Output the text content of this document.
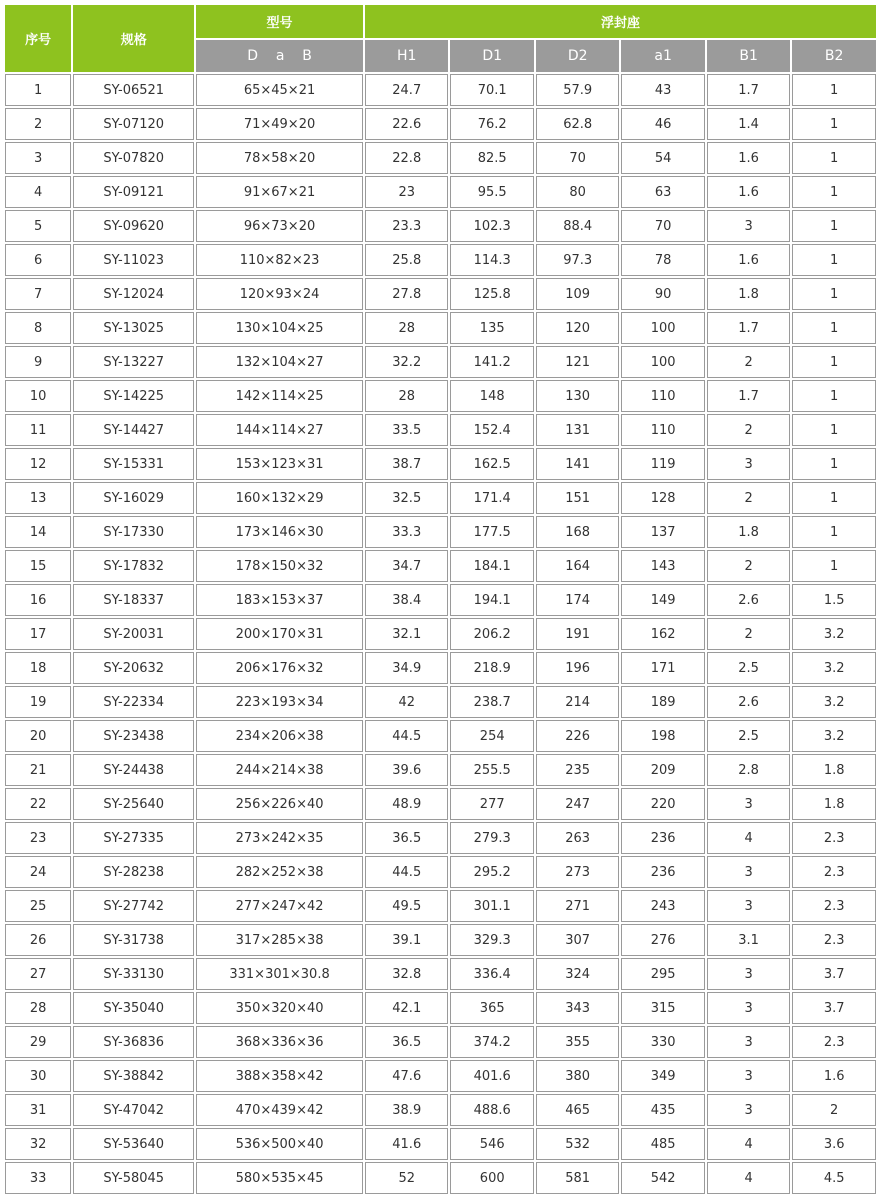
序号	规格	型号	浮封座					
		D    a    B	H1	D1	D2	a1	B1	B2
1	SY-06521	65×45×21	24.7	70.1	57.9	43	1.7	1
2	SY-07120	71×49×20	22.6	76.2	62.8	46	1.4	1
3	SY-07820	78×58×20	22.8	82.5	70	54	1.6	1
4	SY-09121	91×67×21	23	95.5	80	63	1.6	1
5	SY-09620	96×73×20	23.3	102.3	88.4	70	3	1
6	SY-11023	110×82×23	25.8	114.3	97.3	78	1.6	1
7	SY-12024	120×93×24	27.8	125.8	109	90	1.8	1
8	SY-13025	130×104×25	28	135	120	100	1.7	1
9	SY-13227	132×104×27	32.2	141.2	121	100	2	1
10	SY-14225	142×114×25	28	148	130	110	1.7	1
11	SY-14427	144×114×27	33.5	152.4	131	110	2	1
12	SY-15331	153×123×31	38.7	162.5	141	119	3	1
13	SY-16029	160×132×29	32.5	171.4	151	128	2	1
14	SY-17330	173×146×30	33.3	177.5	168	137	1.8	1
15	SY-17832	178×150×32	34.7	184.1	164	143	2	1
16	SY-18337	183×153×37	38.4	194.1	174	149	2.6	1.5
17	SY-20031	200×170×31	32.1	206.2	191	162	2	3.2
18	SY-20632	206×176×32	34.9	218.9	196	171	2.5	3.2
19	SY-22334	223×193×34	42	238.7	214	189	2.6	3.2
20	SY-23438	234×206×38	44.5	254	226	198	2.5	3.2
21	SY-24438	244×214×38	39.6	255.5	235	209	2.8	1.8
22	SY-25640	256×226×40	48.9	277	247	220	3	1.8
23	SY-27335	273×242×35	36.5	279.3	263	236	4	2.3
24	SY-28238	282×252×38	44.5	295.2	273	236	3	2.3
25	SY-27742	277×247×42	49.5	301.1	271	243	3	2.3
26	SY-31738	317×285×38	39.1	329.3	307	276	3.1	2.3
27	SY-33130	331×301×30.8	32.8	336.4	324	295	3	3.7
28	SY-35040	350×320×40	42.1	365	343	315	3	3.7
29	SY-36836	368×336×36	36.5	374.2	355	330	3	2.3
30	SY-38842	388×358×42	47.6	401.6	380	349	3	1.6
31	SY-47042	470×439×42	38.9	488.6	465	435	3	2
32	SY-53640	536×500×40	41.6	546	532	485	4	3.6
33	SY-58045	580×535×45	52	600	581	542	4	4.5
